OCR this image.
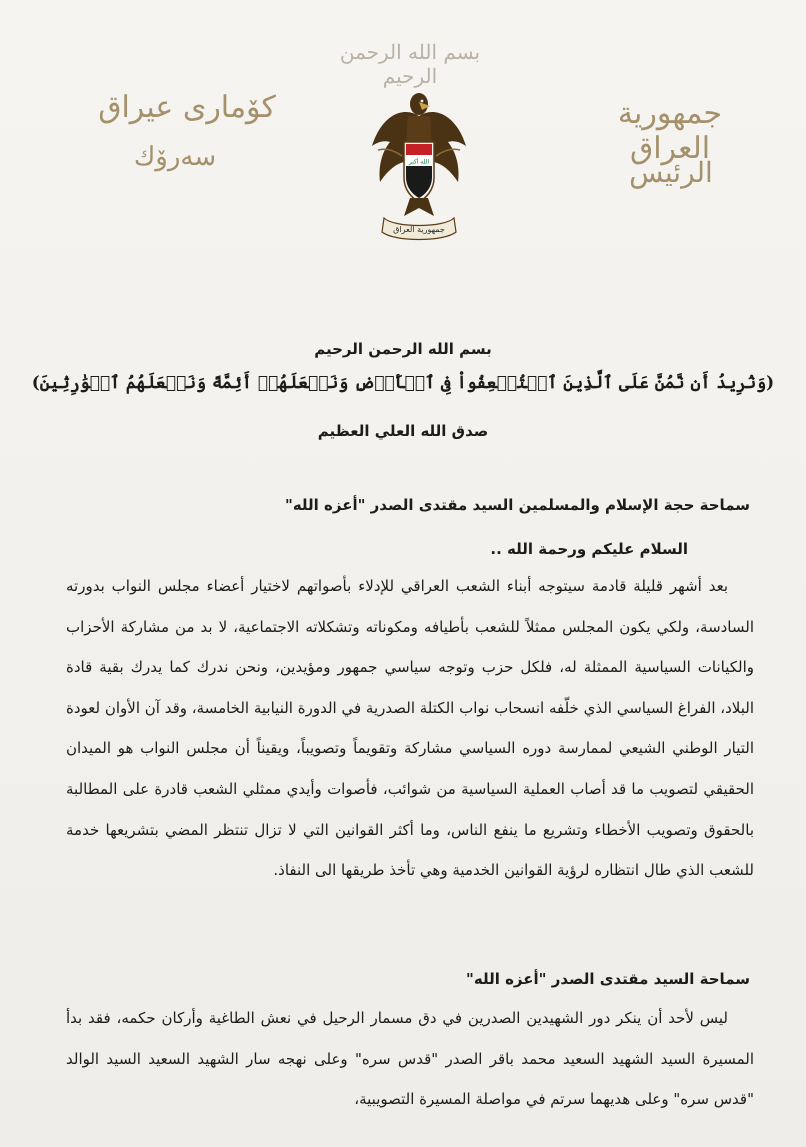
بسم الله الرحمن الرحيم
كۆمارى عيراق
سەرۆك
جمهورية العراق
الرئيس
الله أكبر
جمهورية العراق
بسم الله الرحمن الرحيم
(وَنُرِيدُ أَن نَّمُنَّ عَلَى ٱلَّذِينَ ٱسۡتُضۡعِفُواْ فِى ٱلۡأَرۡضِ وَنَجۡعَلَهُمۡ أَئِمَّةً وَنَجۡعَلَهُمُ ٱلۡوَٰرِثِينَ)
صدق الله العلي العظيم
سماحة حجة الإسلام والمسلمين السيد مقتدى الصدر "أعزه الله"
السلام عليكم ورحمة الله ..

بعد أشهر قليلة قادمة سيتوجه أبناء الشعب العراقي للإدلاء بأصواتهم لاختيار أعضاء مجلس النواب بدورته السادسة، ولكي يكون المجلس ممثلاً للشعب بأطيافه ومكوناته وتشكلاته الاجتماعية، لا بد من مشاركة الأحزاب والكيانات السياسية الممثلة له، فلكل حزب وتوجه سياسي جمهور ومؤيدين، ونحن ندرك كما يدرك بقية قادة البلاد، الفراغ السياسي الذي خلّفه انسحاب نواب الكتلة الصدرية في الدورة النيابية الخامسة، وقد آن الأوان لعودة التيار الوطني الشيعي لممارسة دوره السياسي مشاركة وتقويماً وتصويباً، ويقيناً أن مجلس النواب هو الميدان الحقيقي لتصويب ما قد أصاب العملية السياسية من شوائب، فأصوات وأيدي ممثلي الشعب قادرة على المطالبة بالحقوق وتصويب الأخطاء وتشريع ما ينفع الناس، وما أكثر القوانين التي لا تزال تنتظر المضي بتشريعها خدمة للشعب الذي طال انتظاره لرؤية القوانين الخدمية وهي تأخذ طريقها الى النفاذ.

سماحة السيد مقتدى الصدر "أعزه الله"

ليس لأحد أن ينكر دور الشهيدين الصدرين في دق مسمار الرحيل في نعش الطاغية وأركان حكمه، فقد بدأ المسيرة السيد الشهيد السعيد محمد باقر الصدر "قدس سره" وعلى نهجه سار الشهيد السعيد السيد الوالد "قدس سره" وعلى هديهما سرتم في مواصلة المسيرة التصويبية،
